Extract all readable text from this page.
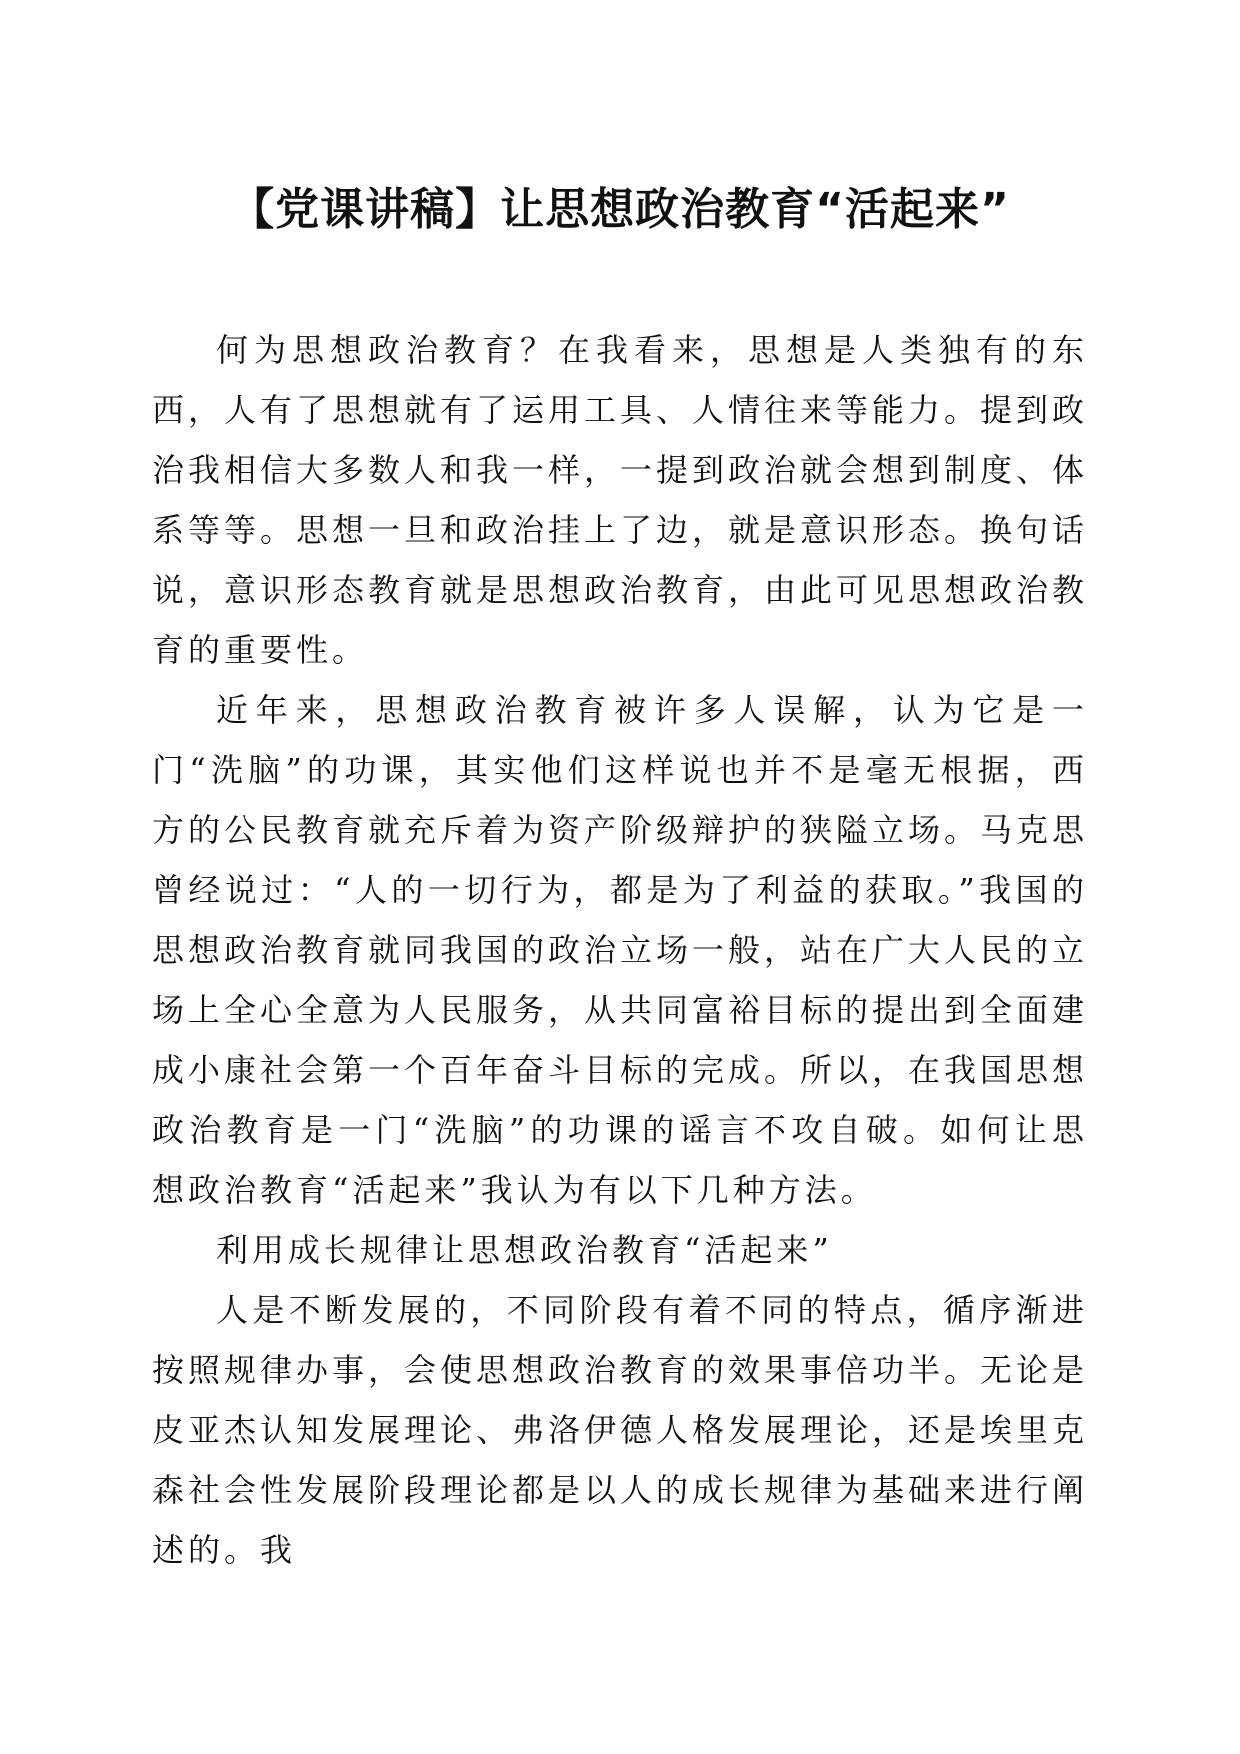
【党课讲稿】让思想政治教育“活起来”

何为思想政治教育？在我看来，思想是人类独有的东西，人有了思想就有了运用工具、人情往来等能力。提到政治我相信大多数人和我一样，一提到政治就会想到制度、体系等等。思想一旦和政治挂上了边，就是意识形态。换句话说，意识形态教育就是思想政治教育，由此可见思想政治教育的重要性。

近年来，思想政治教育被许多人误解，认为它是一门“洗脑”的功课，其实他们这样说也并不是毫无根据，西方的公民教育就充斥着为资产阶级辩护的狭隘立场。马克思曾经说过：“人的一切行为，都是为了利益的获取。”我国的思想政治教育就同我国的政治立场一般，站在广大人民的立场上全心全意为人民服务，从共同富裕目标的提出到全面建成小康社会第一个百年奋斗目标的完成。所以，在我国思想政治教育是一门“洗脑”的功课的谣言不攻自破。如何让思想政治教育“活起来”我认为有以下几种方法。

利用成长规律让思想政治教育“活起来”

人是不断发展的，不同阶段有着不同的特点，循序渐进按照规律办事，会使思想政治教育的效果事倍功半。无论是皮亚杰认知发展理论、弗洛伊德人格发展理论，还是埃里克森社会性发展阶段理论都是以人的成长规律为基础来进行阐述的。我
